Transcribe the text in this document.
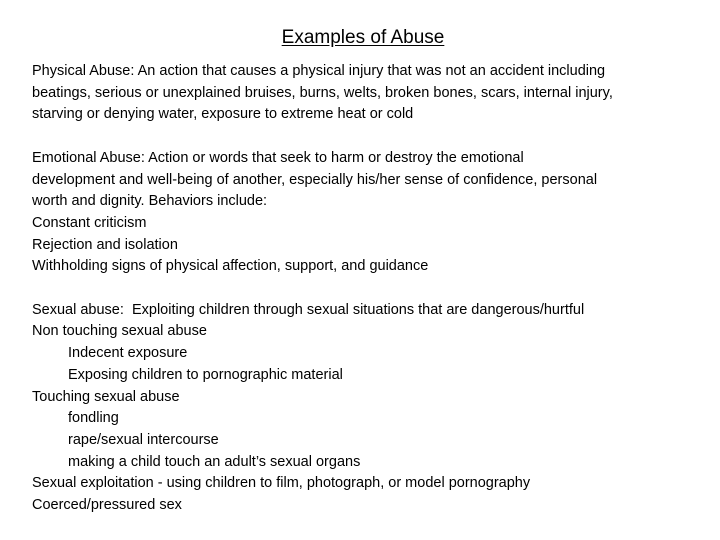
Examples of Abuse
Physical Abuse: An action that causes a physical injury that was not an accident including
beatings, serious or unexplained bruises, burns, welts, broken bones, scars, internal injury,
starving or denying water, exposure to extreme heat or cold
Emotional Abuse: Action or words that seek to harm or destroy the emotional
development and well-being of another, especially his/her sense of confidence, personal
worth and dignity. Behaviors include:
Constant criticism
Rejection and isolation
Withholding signs of physical affection, support, and guidance
Sexual abuse: Exploiting children through sexual situations that are dangerous/hurtful
Non touching sexual abuse
Indecent exposure
Exposing children to pornographic material
Touching sexual abuse
fondling
rape/sexual intercourse
making a child touch an adult’s sexual organs
Sexual exploitation - using children to film, photograph, or model pornography
Coerced/pressured sex
